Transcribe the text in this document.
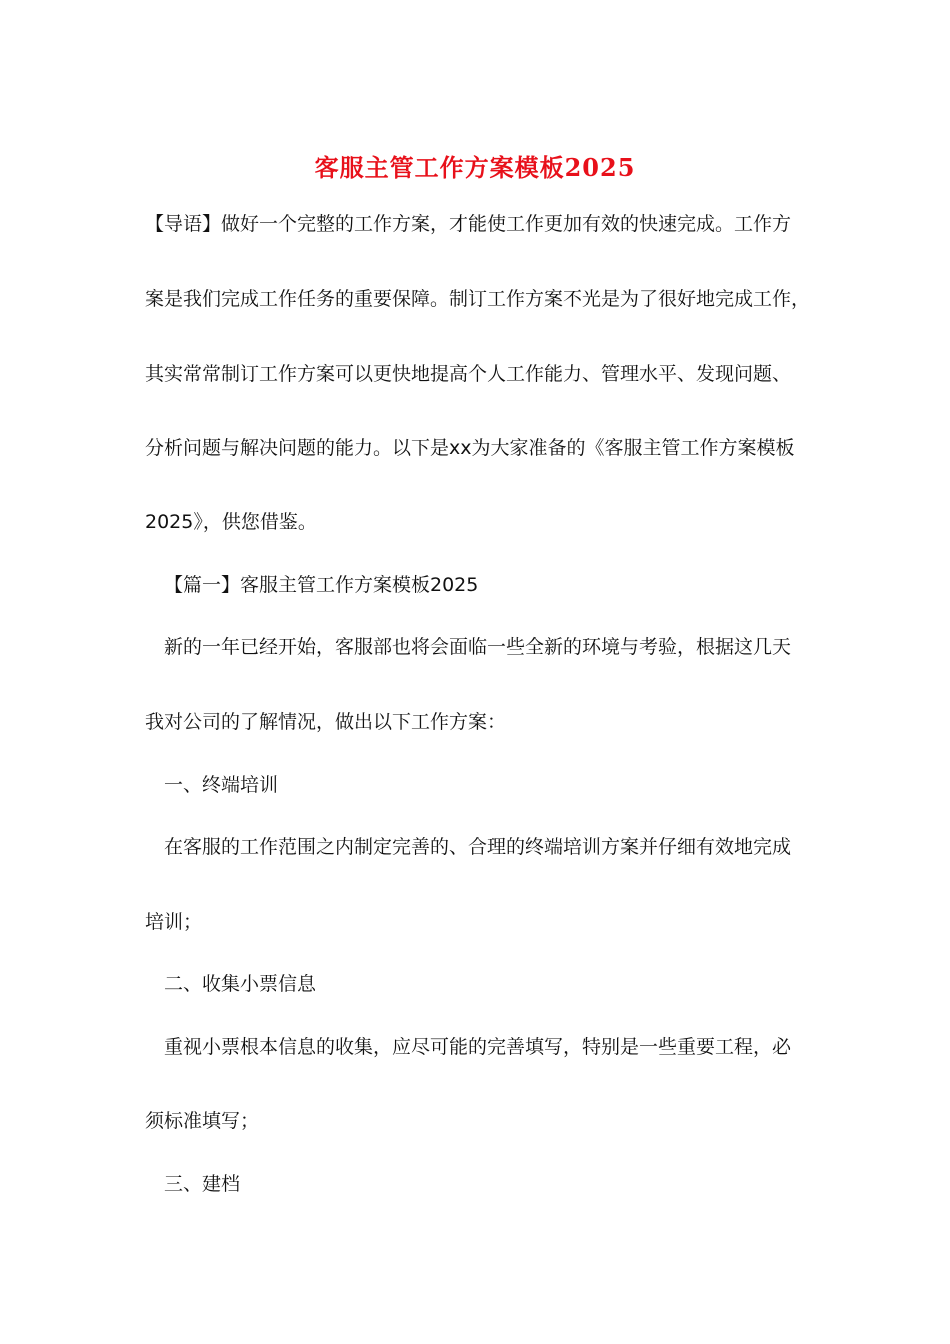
客服主管工作方案模板2025
【导语】做好一个完整的工作方案，才能使工作更加有效的快速完成。工作方
案是我们完成工作任务的重要保障。制订工作方案不光是为了很好地完成工作，
其实常常制订工作方案可以更快地提高个人工作能力、管理水平、发现问题、
分析问题与解决问题的能力。以下是xx为大家准备的《客服主管工作方案模板
2025》，供您借鉴。
【篇一】客服主管工作方案模板2025
新的一年已经开始，客服部也将会面临一些全新的环境与考验，根据这几天
我对公司的了解情况，做出以下工作方案：
一、终端培训
在客服的工作范围之内制定完善的、合理的终端培训方案并仔细有效地完成
培训；
二、收集小票信息
重视小票根本信息的收集，应尽可能的完善填写，特别是一些重要工程，必
须标准填写；
三、建档
